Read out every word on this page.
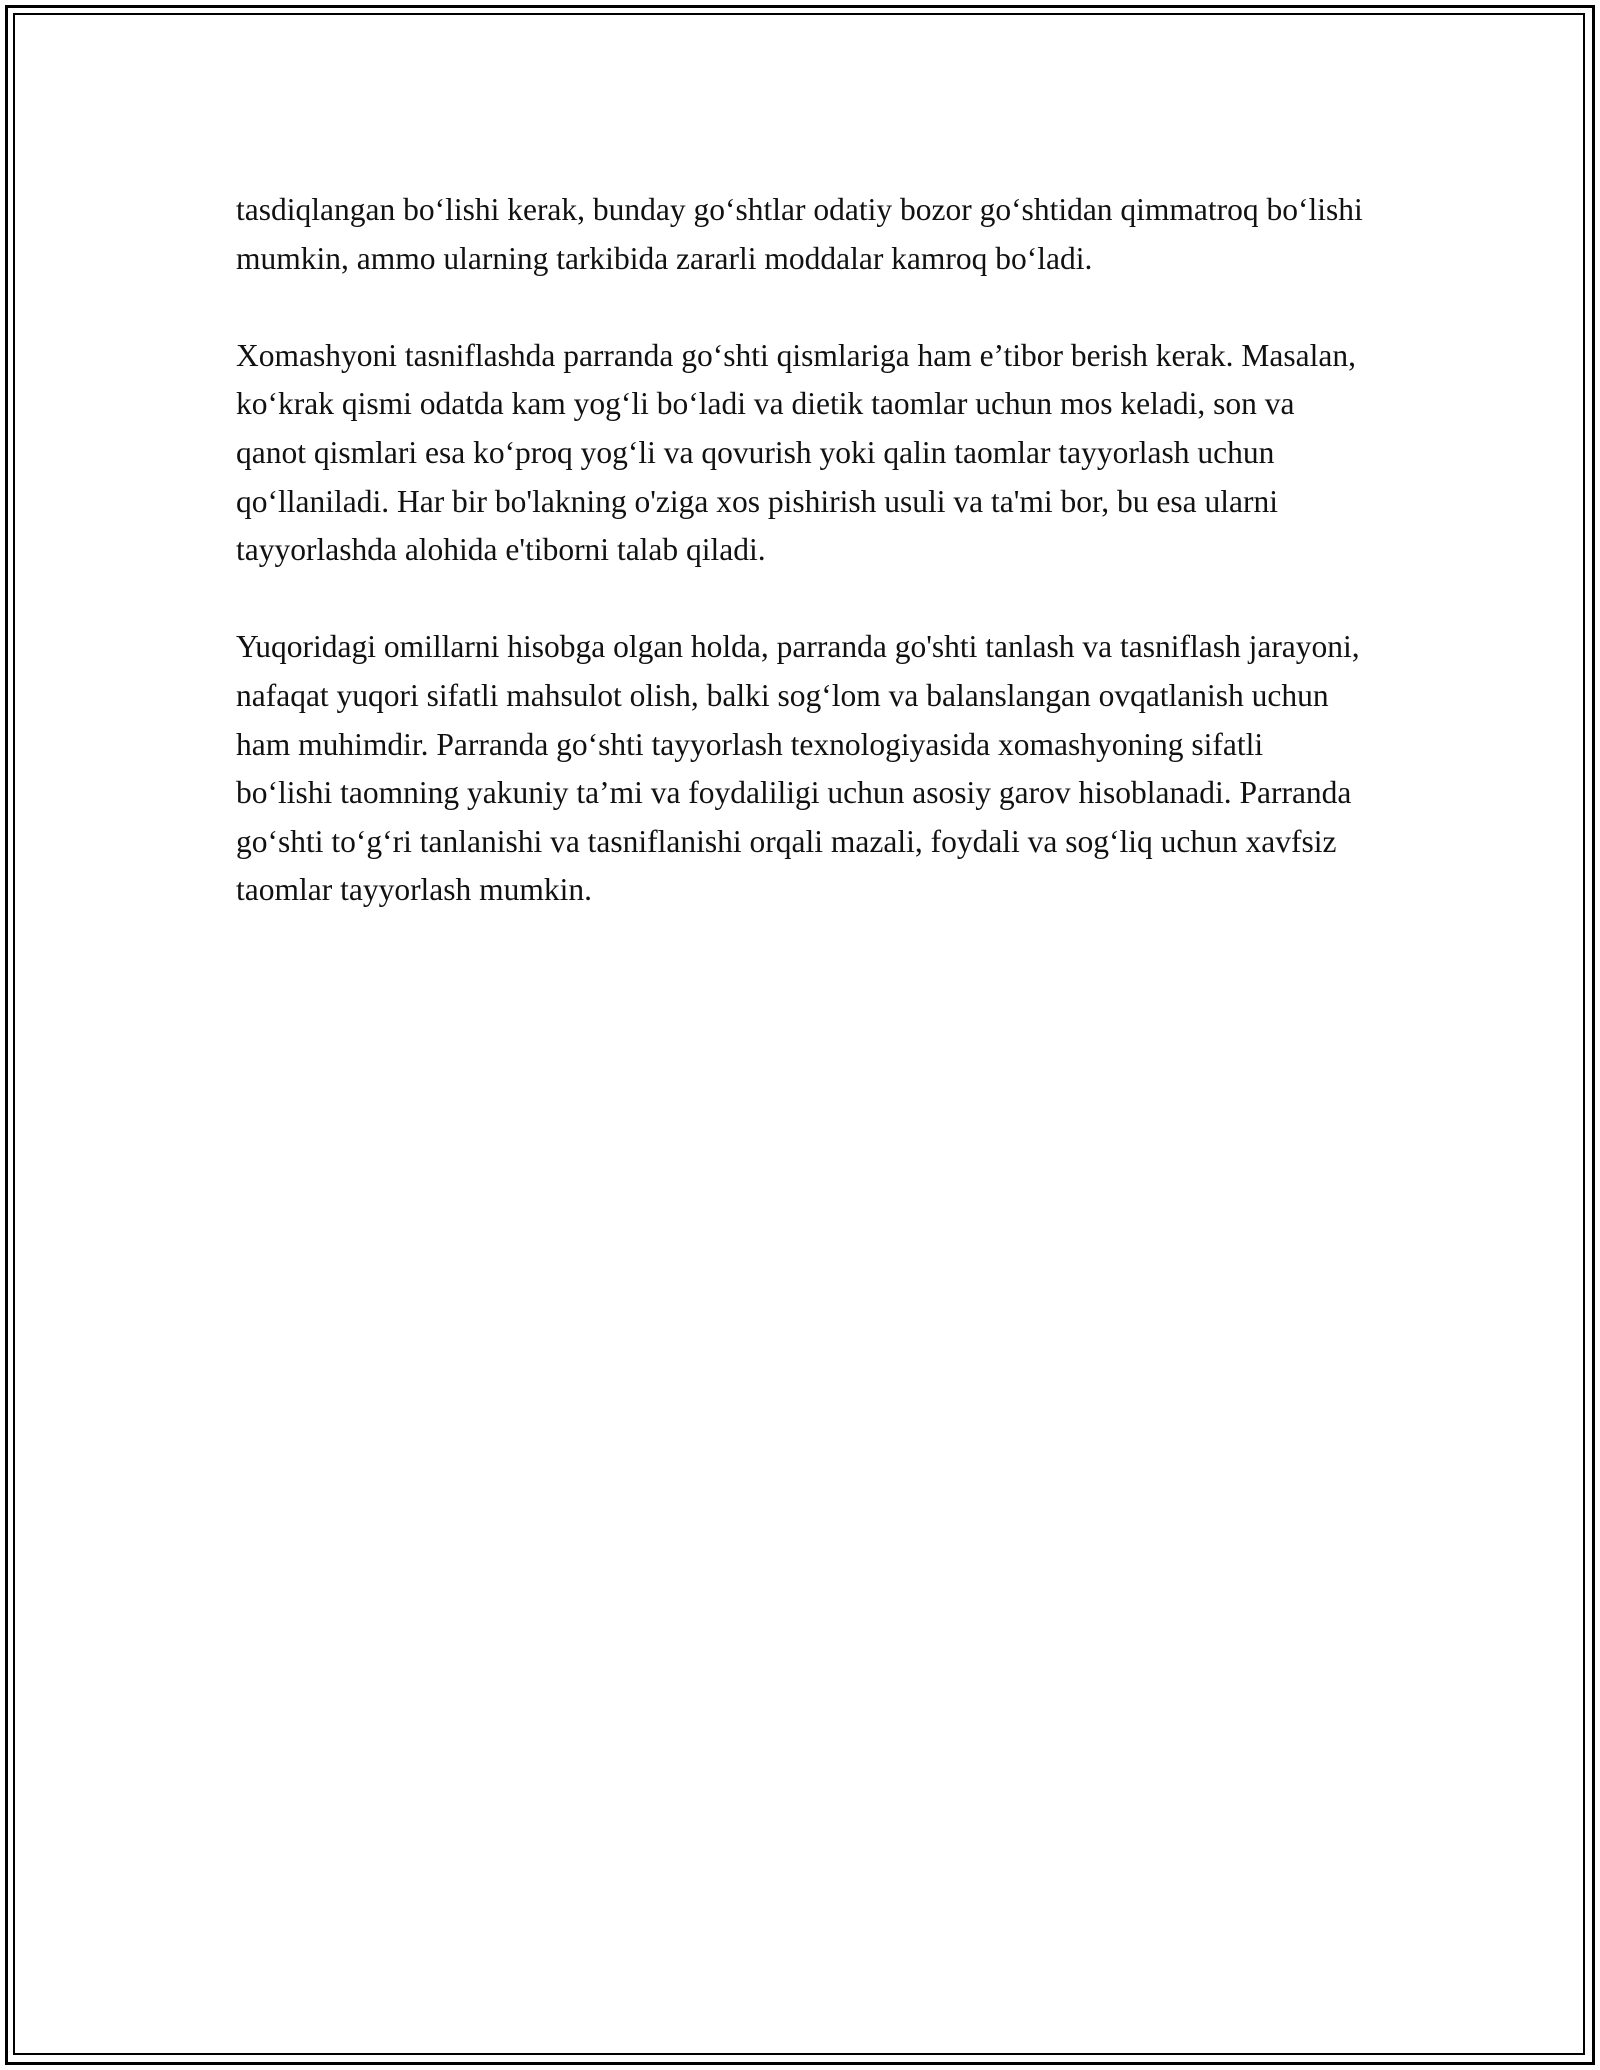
tasdiqlangan bo‘lishi kerak, bunday go‘shtlar odatiy bozor go‘shtidan qimmatroq bo‘lishi mumkin, ammo ularning tarkibida zararli moddalar kamroq bo‘ladi.

Xomashyoni tasniflashda parranda go‘shti qismlariga ham e’tibor berish kerak. Masalan, ko‘krak qismi odatda kam yog‘li bo‘ladi va dietik taomlar uchun mos keladi, son va qanot qismlari esa ko‘proq yog‘li va qovurish yoki qalin taomlar tayyorlash uchun qo‘llaniladi. Har bir bo'lakning o'ziga xos pishirish usuli va ta'mi bor, bu esa ularni tayyorlashda alohida e'tiborni talab qiladi.

Yuqoridagi omillarni hisobga olgan holda, parranda go'shti tanlash va tasniflash jarayoni, nafaqat yuqori sifatli mahsulot olish, balki sog‘lom va balanslangan ovqatlanish uchun ham muhimdir. Parranda go‘shti tayyorlash texnologiyasida xomashyoning sifatli bo‘lishi taomning yakuniy ta’mi va foydaliligi uchun asosiy garov hisoblanadi. Parranda go‘shti to‘g‘ri tanlanishi va tasniflanishi orqali mazali, foydali va sog‘liq uchun xavfsiz taomlar tayyorlash mumkin.
